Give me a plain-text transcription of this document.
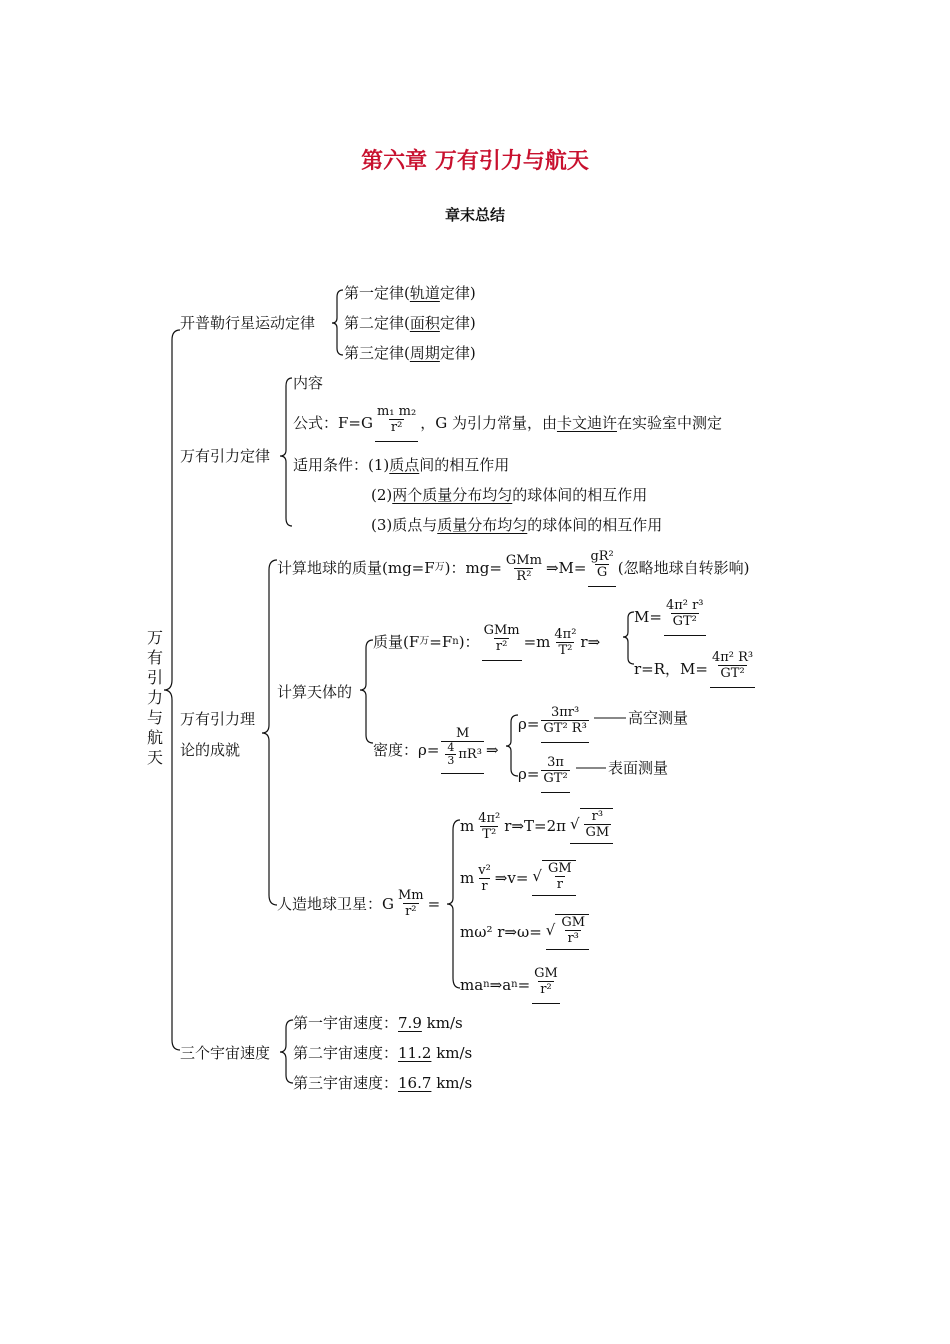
第六章 万有引力与航天
章末总结
万有引力与航天
开普勒行星运动定律
第一定律(轨道定律)
第二定律(面积定律)
第三定律(周期定律)
万有引力定律
内容
公式：F=G
m₁ m₂
r² ，G 为引力常量，由 卡文迪许 在实验室中测定
适用条件：(1)质点间的相互作用
(2)两个质量分布均匀的球体间的相互作用
(3)质点与质量分布均匀的球体间的相互作用
万有引力理
论的成就
计算地球的质量(mg=F 万 )：mg= GMm
R² ⇒M= $\frac{\text{gR²}}{G}$ (忽略地球自转影响)
计算天体的
质量(F 万 =F n )：
GMm
r² =m 4π²
T² r⇒
$M= \frac{\text{4π² r³}}{\text{GT²}}$
r=R，$M= \frac{\text{4π² R³}}{\text{GT²}}$
密度：ρ= M
4
3 πR³ ⇒
$\rho= \frac{\text{3πr³}}{\text{GT² R³}}$	高空测量
$\rho= \frac{3\pi}{\text{GT²}}$	表面测量
人造地球卫星：G $\frac{Mm}{\text{r²}}$ =
m 4π²
T² r⇒T=2π √ $\frac{\text{r³}}{GM}$
m v²
r ⇒v= √ $\frac{GM}{r}$
mω² r⇒ω= √ $\frac{GM}{\text{r³}}$
ma n ⇒a $n = \frac{GM}{\text{r²}}$
三个宇宙速度
第一宇宙速度：7.9 km/s
第二宇宙速度：11.2 km/s
第三宇宙速度：16.7 km/s
